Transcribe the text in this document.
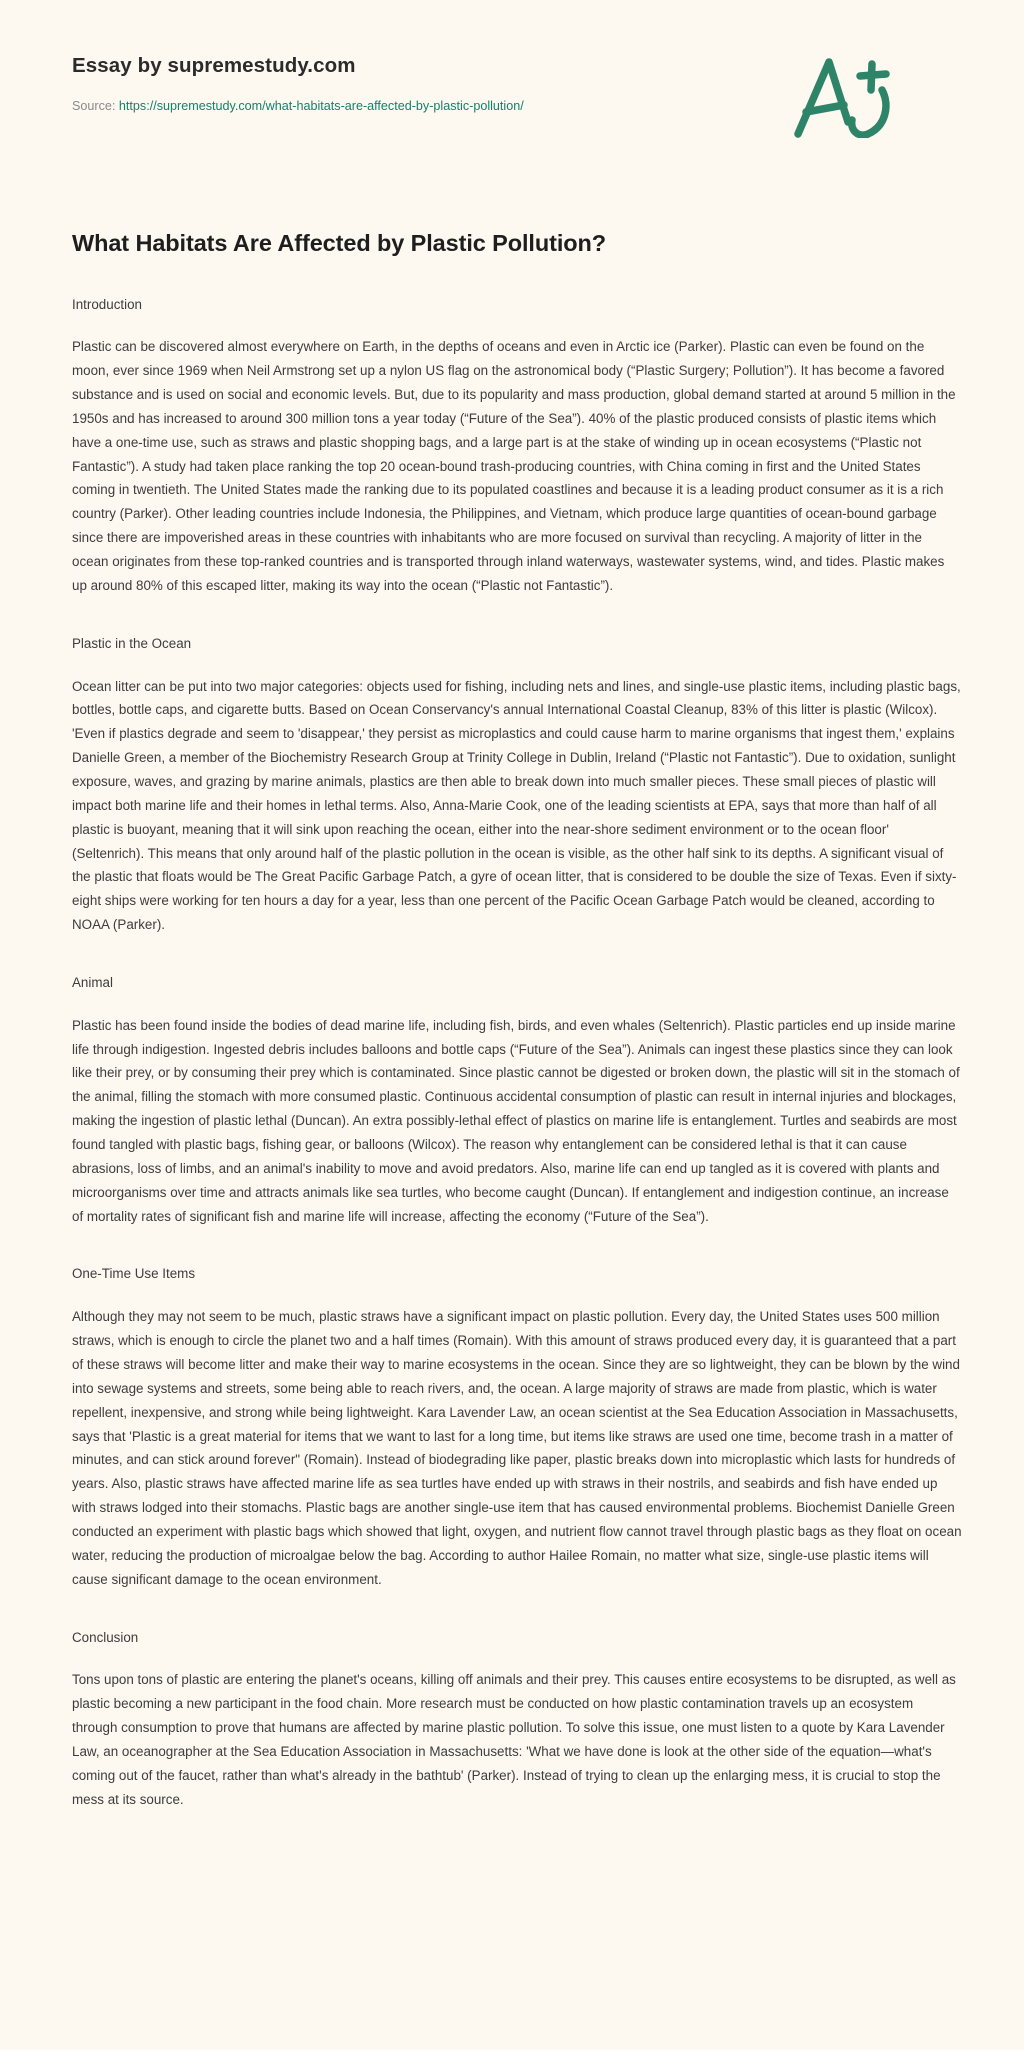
Essay by supremestudy.com
Source: https://supremestudy.com/what-habitats-are-affected-by-plastic-pollution/
What Habitats Are Affected by Plastic Pollution?
Introduction

Plastic can be discovered almost everywhere on Earth, in the depths of oceans and even in Arctic ice (Parker). Plastic can even be found on the moon, ever since 1969 when Neil Armstrong set up a nylon US flag on the astronomical body (“Plastic Surgery; Pollution”). It has become a favored substance and is used on social and economic levels. But, due to its popularity and mass production, global demand started at around 5 million in the 1950s and has increased to around 300 million tons a year today (“Future of the Sea”). 40% of the plastic produced consists of plastic items which have a one-time use, such as straws and plastic shopping bags, and a large part is at the stake of winding up in ocean ecosystems (“Plastic not Fantastic”). A study had taken place ranking the top 20 ocean-bound trash-producing countries, with China coming in first and the United States coming in twentieth. The United States made the ranking due to its populated coastlines and because it is a leading product consumer as it is a rich country (Parker). Other leading countries include Indonesia, the Philippines, and Vietnam, which produce large quantities of ocean-bound garbage since there are impoverished areas in these countries with inhabitants who are more focused on survival than recycling. A majority of litter in the ocean originates from these top-ranked countries and is transported through inland waterways, wastewater systems, wind, and tides. Plastic makes up around 80% of this escaped litter, making its way into the ocean (“Plastic not Fantastic”).

Plastic in the Ocean

Ocean litter can be put into two major categories: objects used for fishing, including nets and lines, and single-use plastic items, including plastic bags, bottles, bottle caps, and cigarette butts. Based on Ocean Conservancy's annual International Coastal Cleanup, 83% of this litter is plastic (Wilcox). 'Even if plastics degrade and seem to 'disappear,' they persist as microplastics and could cause harm to marine organisms that ingest them,' explains Danielle Green, a member of the Biochemistry Research Group at Trinity College in Dublin, Ireland (“Plastic not Fantastic”). Due to oxidation, sunlight exposure, waves, and grazing by marine animals, plastics are then able to break down into much smaller pieces. These small pieces of plastic will impact both marine life and their homes in lethal terms. Also, Anna-Marie Cook, one of the leading scientists at EPA, says that more than half of all plastic is buoyant, meaning that it will sink upon reaching the ocean, either into the near-shore sediment environment or to the ocean floor' (Seltenrich). This means that only around half of the plastic pollution in the ocean is visible, as the other half sink to its depths. A significant visual of the plastic that floats would be The Great Pacific Garbage Patch, a gyre of ocean litter, that is considered to be double the size of Texas. Even if sixty-eight ships were working for ten hours a day for a year, less than one percent of the Pacific Ocean Garbage Patch would be cleaned, according to NOAA (Parker).

Animal

Plastic has been found inside the bodies of dead marine life, including fish, birds, and even whales (Seltenrich). Plastic particles end up inside marine life through indigestion. Ingested debris includes balloons and bottle caps (“Future of the Sea”). Animals can ingest these plastics since they can look like their prey, or by consuming their prey which is contaminated. Since plastic cannot be digested or broken down, the plastic will sit in the stomach of the animal, filling the stomach with more consumed plastic. Continuous accidental consumption of plastic can result in internal injuries and blockages, making the ingestion of plastic lethal (Duncan). An extra possibly-lethal effect of plastics on marine life is entanglement. Turtles and seabirds are most found tangled with plastic bags, fishing gear, or balloons (Wilcox). The reason why entanglement can be considered lethal is that it can cause abrasions, loss of limbs, and an animal's inability to move and avoid predators. Also, marine life can end up tangled as it is covered with plants and microorganisms over time and attracts animals like sea turtles, who become caught (Duncan). If entanglement and indigestion continue, an increase of mortality rates of significant fish and marine life will increase, affecting the economy (“Future of the Sea”).

One-Time Use Items

Although they may not seem to be much, plastic straws have a significant impact on plastic pollution. Every day, the United States uses 500 million straws, which is enough to circle the planet two and a half times (Romain). With this amount of straws produced every day, it is guaranteed that a part of these straws will become litter and make their way to marine ecosystems in the ocean. Since they are so lightweight, they can be blown by the wind into sewage systems and streets, some being able to reach rivers, and, the ocean. A large majority of straws are made from plastic, which is water repellent, inexpensive, and strong while being lightweight. Kara Lavender Law, an ocean scientist at the Sea Education Association in Massachusetts, says that 'Plastic is a great material for items that we want to last for a long time, but items like straws are used one time, become trash in a matter of minutes, and can stick around forever" (Romain). Instead of biodegrading like paper, plastic breaks down into microplastic which lasts for hundreds of years. Also, plastic straws have affected marine life as sea turtles have ended up with straws in their nostrils, and seabirds and fish have ended up with straws lodged into their stomachs. Plastic bags are another single-use item that has caused environmental problems. Biochemist Danielle Green conducted an experiment with plastic bags which showed that light, oxygen, and nutrient flow cannot travel through plastic bags as they float on ocean water, reducing the production of microalgae below the bag. According to author Hailee Romain, no matter what size, single-use plastic items will cause significant damage to the ocean environment.

Conclusion

Tons upon tons of plastic are entering the planet's oceans, killing off animals and their prey. This causes entire ecosystems to be disrupted, as well as plastic becoming a new participant in the food chain. More research must be conducted on how plastic contamination travels up an ecosystem through consumption to prove that humans are affected by marine plastic pollution. To solve this issue, one must listen to a quote by Kara Lavender Law, an oceanographer at the Sea Education Association in Massachusetts: 'What we have done is look at the other side of the equation—what's coming out of the faucet, rather than what's already in the bathtub' (Parker). Instead of trying to clean up the enlarging mess, it is crucial to stop the mess at its source.
